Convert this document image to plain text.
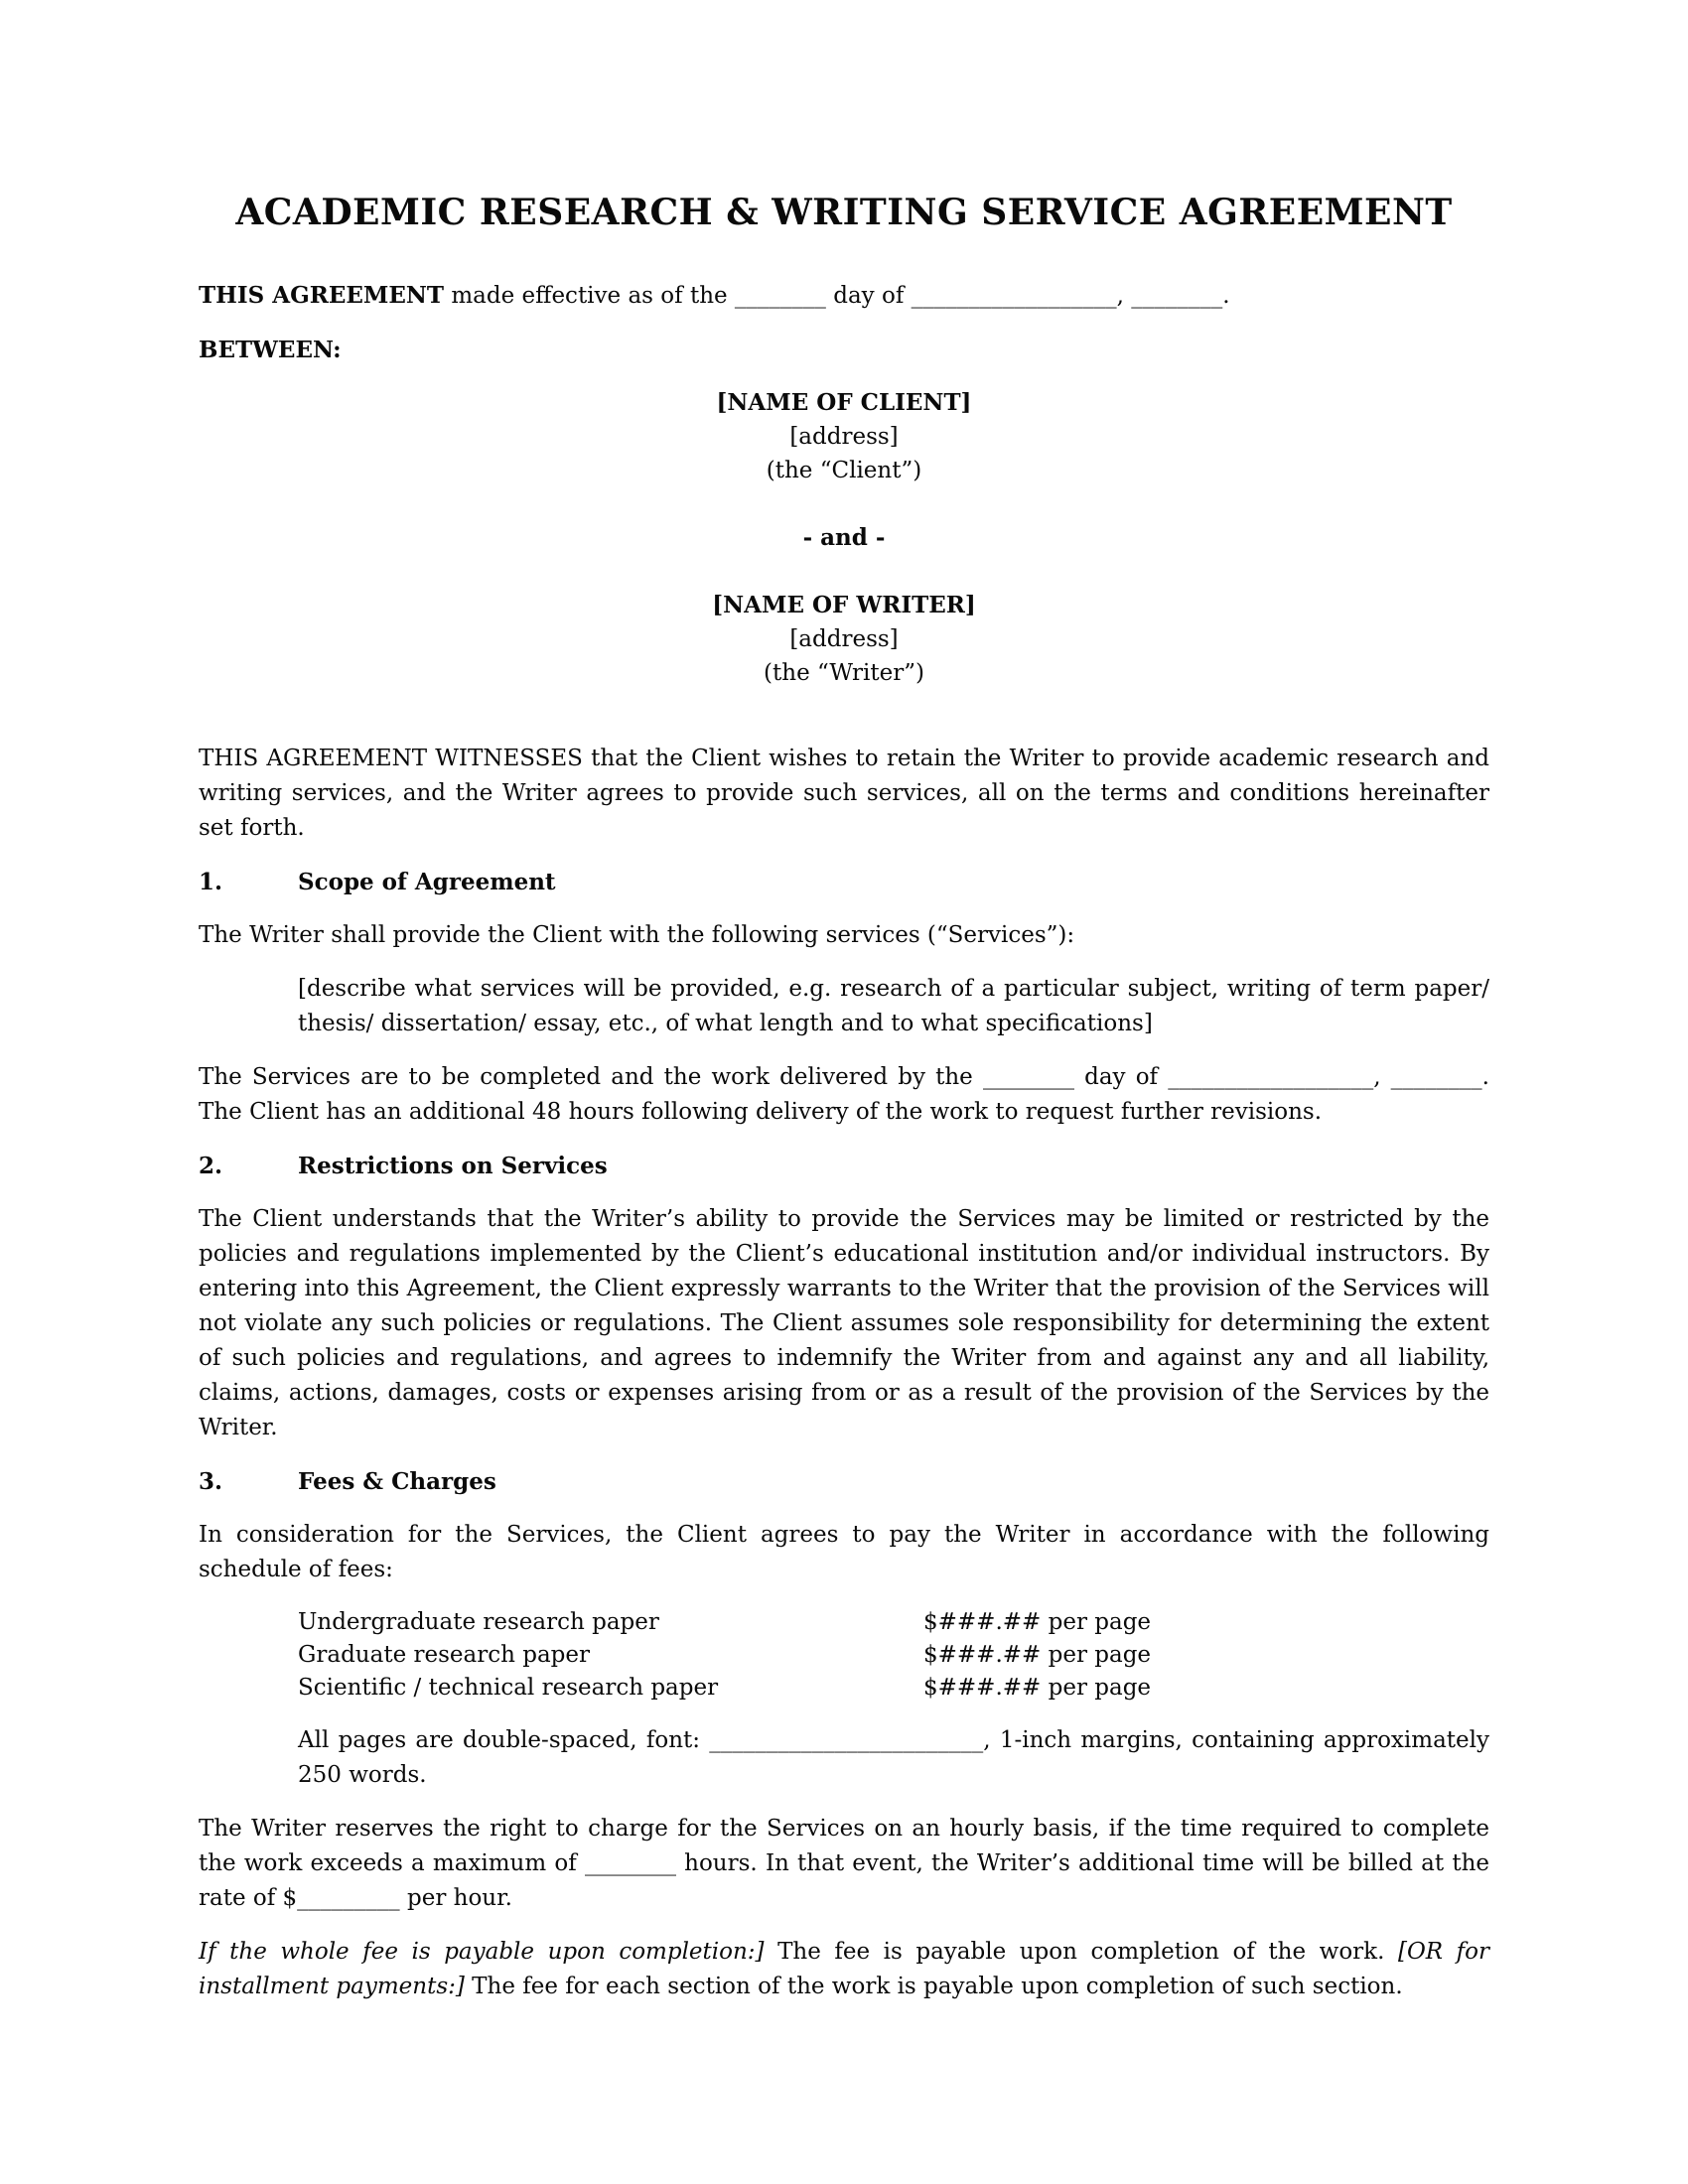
ACADEMIC RESEARCH & WRITING SERVICE AGREEMENT

THIS AGREEMENT made effective as of the ________ day of __________________, ________.

BETWEEN:

[NAME OF CLIENT]
[address]
(the “Client”)
- and -
[NAME OF WRITER]
[address]
(the “Writer”)

THIS AGREEMENT WITNESSES that the Client wishes to retain the Writer to provide academic research and writing services, and the Writer agrees to provide such services, all on the terms and conditions hereinafter set forth.

1.	Scope of Agreement

The Writer shall provide the Client with the following services (“Services”):

[describe what services will be provided, e.g. research of a particular subject, writing of term paper/ thesis/ dissertation/ essay, etc., of what length and to what specifications]

The Services are to be completed and the work delivered by the ________ day of __________________, ________. The Client has an additional 48 hours following delivery of the work to request further revisions.

2.	Restrictions on Services

The Client understands that the Writer’s ability to provide the Services may be limited or restricted by the policies and regulations implemented by the Client’s educational institution and/or individual instructors. By entering into this Agreement, the Client expressly warrants to the Writer that the provision of the Services will not violate any such policies or regulations. The Client assumes sole responsibility for determining the extent of such policies and regulations, and agrees to indemnify the Writer from and against any and all liability, claims, actions, damages, costs or expenses arising from or as a result of the provision of the Services by the Writer.

3.	Fees & Charges

In consideration for the Services, the Client agrees to pay the Writer in accordance with the following schedule of fees:

Undergraduate research paper	$###.## per page
Graduate research paper	$###.## per page
Scientific / technical research paper	$###.## per page

All pages are double-spaced, font: ________________________, 1-inch margins, containing approximately 250 words.

The Writer reserves the right to charge for the Services on an hourly basis, if the time required to complete the work exceeds a maximum of ________ hours. In that event, the Writer’s additional time will be billed at the rate of $_________ per hour.

If the whole fee is payable upon completion:] The fee is payable upon completion of the work. [OR for installment payments:] The fee for each section of the work is payable upon completion of such section.
